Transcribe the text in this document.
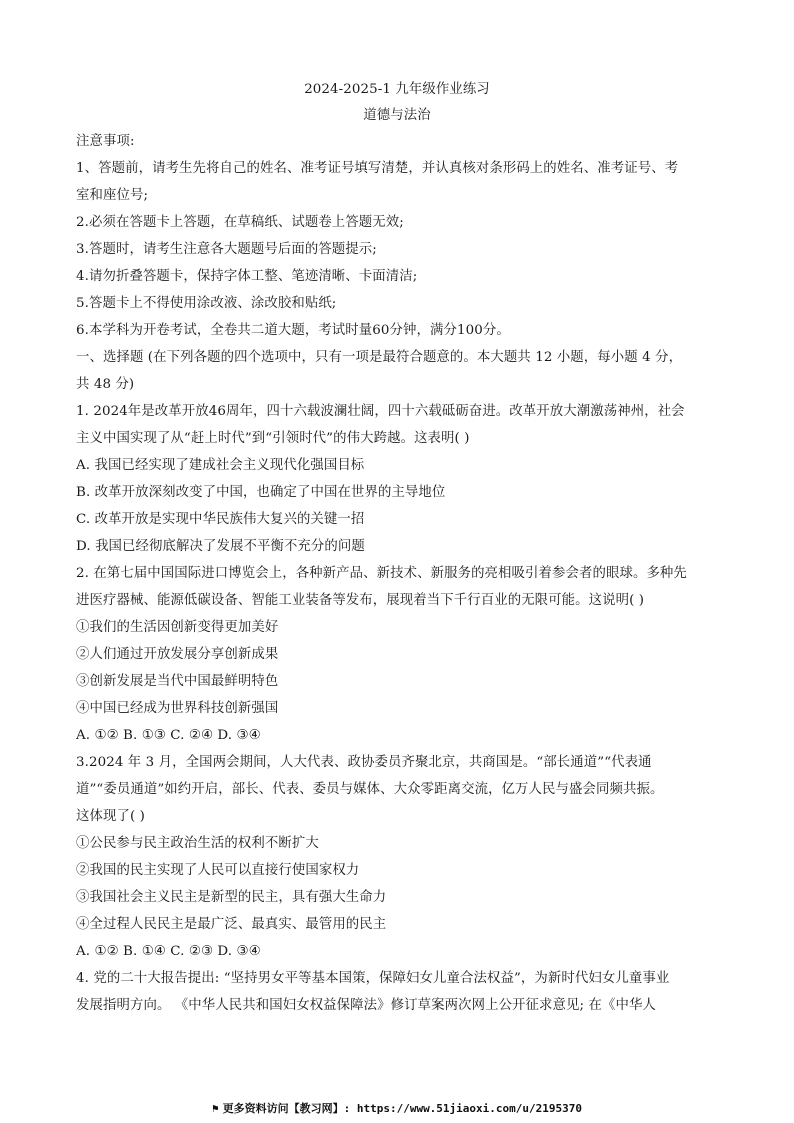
2024-2025-1 九年级作业练习
道德与法治
注意事项:
1、答题前，请考生先将自己的姓名、准考证号填写清楚，并认真核对条形码上的姓名、准考证号、考
室和座位号;
2.必须在答题卡上答题，在草稿纸、试题卷上答题无效;
3.答题时，请考生注意各大题题号后面的答题提示;
4.请勿折叠答题卡，保持字体工整、笔迹清晰、卡面清洁;
5.答题卡上不得使用涂改液、涂改胶和贴纸;
6.本学科为开卷考试，全卷共二道大题，考试时量60分钟，满分100分。
一、选择题 (在下列各题的四个选项中，只有一项是最符合题意的。本大题共 12 小题，每小题 4 分，
共 48 分)
1. 2024年是改革开放46周年，四十六载波澜壮阔，四十六载砥砺奋进。改革开放大潮激荡神州，社会
主义中国实现了从“赶上时代”到“引领时代”的伟大跨越。这表明( )
A. 我国已经实现了建成社会主义现代化强国目标
B. 改革开放深刻改变了中国，也确定了中国在世界的主导地位
C. 改革开放是实现中华民族伟大复兴的关键一招
D. 我国已经彻底解决了发展不平衡不充分的问题
2. 在第七届中国国际进口博览会上，各种新产品、新技术、新服务的亮相吸引着参会者的眼球。多种先
进医疗器械、能源低碳设备、智能工业装备等发布，展现着当下千行百业的无限可能。这说明( )
①我们的生活因创新变得更加美好
②人们通过开放发展分享创新成果
③创新发展是当代中国最鲜明特色
④中国已经成为世界科技创新强国
A. ①② B. ①③ C. ②④ D. ③④
3.2024 年 3 月，全国两会期间，人大代表、政协委员齐聚北京，共商国是。“部长通道”“代表通
道”“委员通道”如约开启，部长、代表、委员与媒体、大众零距离交流，亿万人民与盛会同频共振。
这体现了( )
①公民参与民主政治生活的权利不断扩大
②我国的民主实现了人民可以直接行使国家权力
③我国社会主义民主是新型的民主，具有强大生命力
④全过程人民民主是最广泛、最真实、最管用的民主
A. ①② B. ①④ C. ②③ D. ③④
4. 党的二十大报告提出: “坚持男女平等基本国策，保障妇女儿童合法权益”，为新时代妇女儿童事业
发展指明方向。 《中华人民共和国妇女权益保障法》修订草案两次网上公开征求意见; 在《中华人
⚑ 更多资料访问【教习网】: https://www.51jiaoxi.com/u/2195370
